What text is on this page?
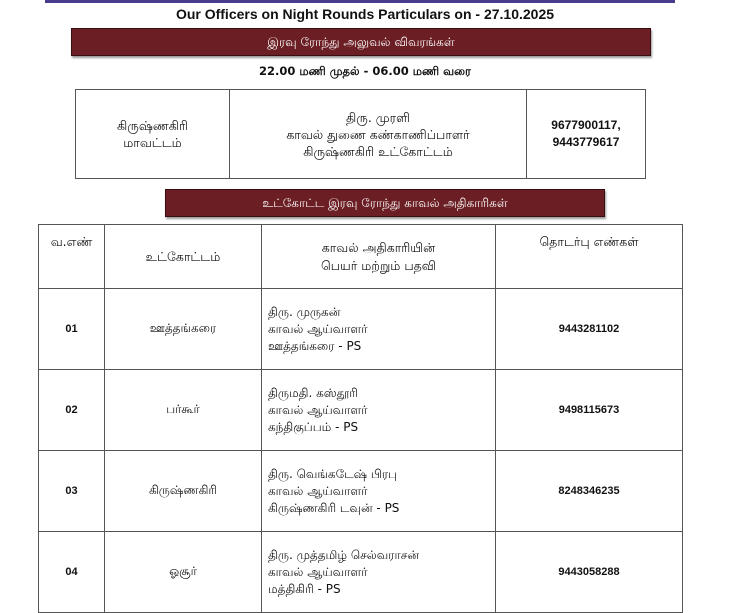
Our Officers on Night Rounds Particulars on - 27.10.2025
இரவு ரோந்து அலுவல் விவரங்கள்
22.00 மணி முதல் - 06.00 மணி வரை
கிருஷ்ணகிரி
மாவட்டம்

திரு. முரளி
காவல் துணை கண்காணிப்பாளர்
கிருஷ்ணகிரி உட்கோட்டம்

9677900117,
9443779617
உட்கோட்ட இரவு ரோந்து காவல் அதிகாரிகள்
வ.எண்	உட்கோட்டம்	காவல் அதிகாரியின்
பெயர் மற்றும் பதவி	தொடர்பு எண்கள்

01	ஊத்தங்கரை	திரு. முருகன்
காவல் ஆய்வாளர்
ஊத்தங்கரை - PS	9443281102
02	பர்கூர்	திருமதி. கஸ்தூரி
காவல் ஆய்வாளர்
கந்திகுப்பம் - PS	9498115673
03	கிருஷ்ணகிரி	திரு. வெங்கடேஷ் பிரபு
காவல் ஆய்வாளர்
கிருஷ்ணகிரி டவுன் - PS	8248346235
04	ஓசூர்	திரு. முத்தமிழ் செல்வராசன்
காவல் ஆய்வாளர்
மத்திகிரி - PS	9443058288
